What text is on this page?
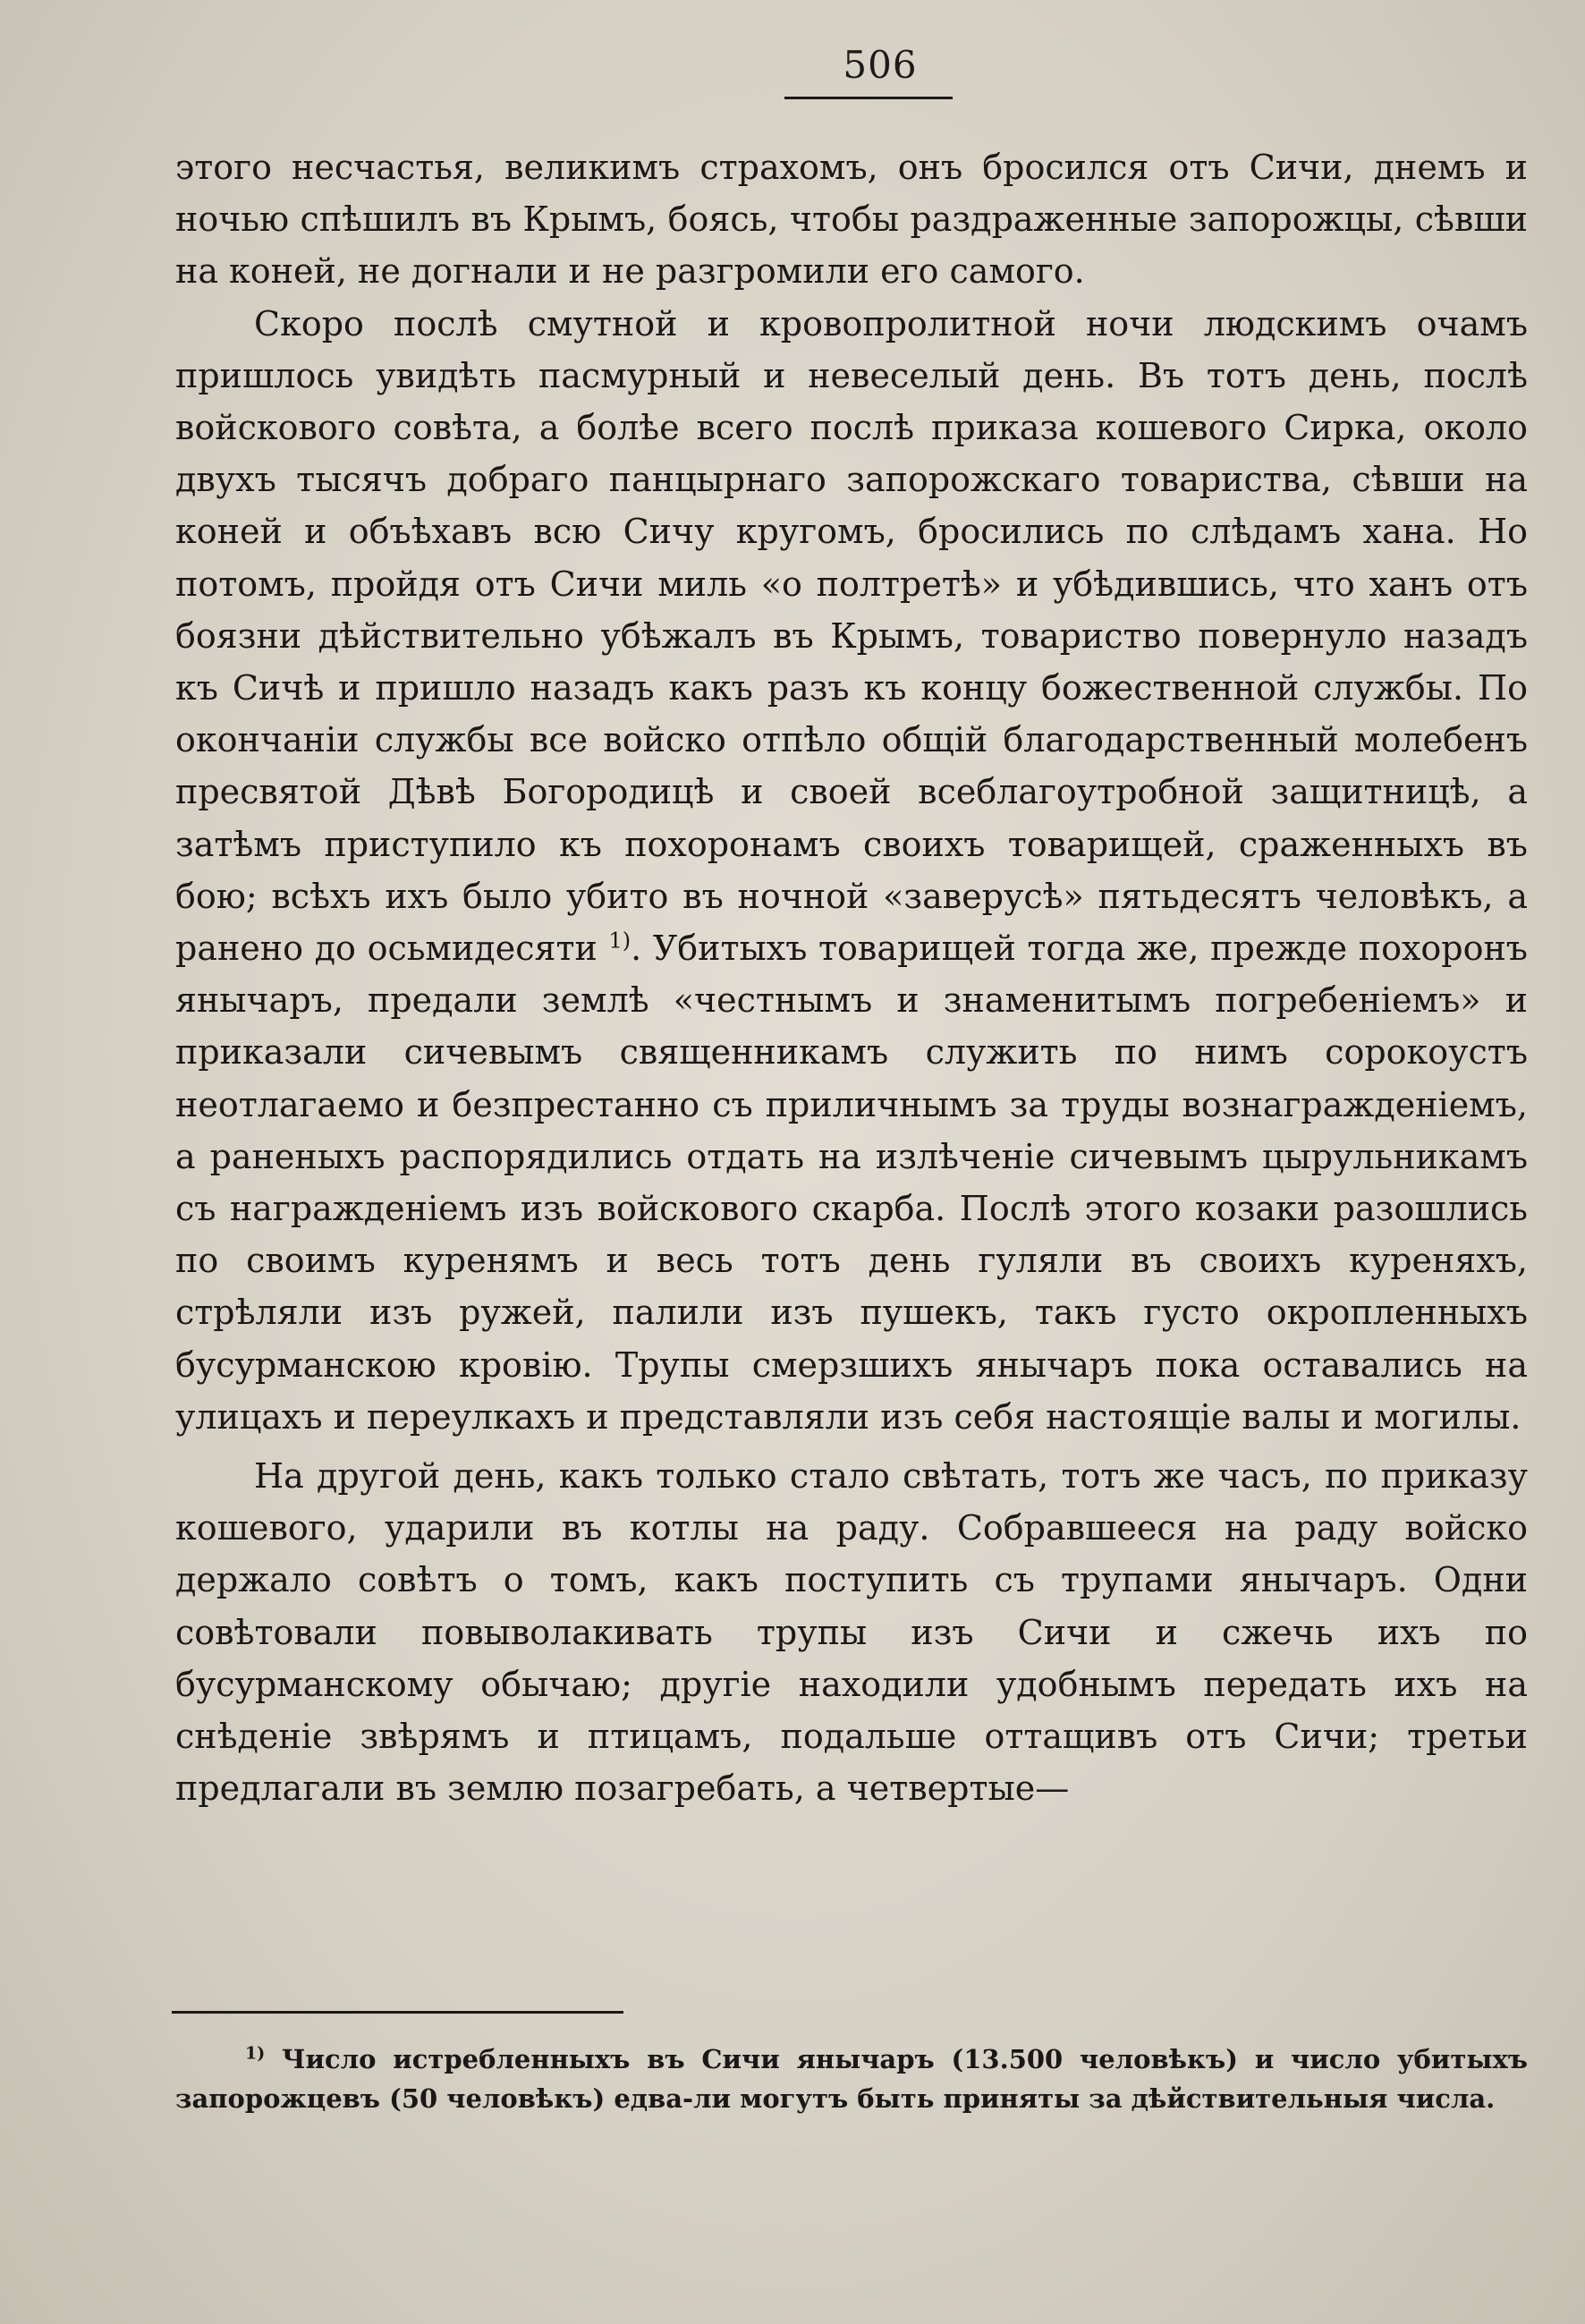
506

этого несчастья, великимъ страхомъ, онъ бросился отъ Сичи, днемъ и ночью спѣшилъ въ Крымъ, боясь, чтобы раздраженные запорожцы, сѣвши на коней, не догнали и не разгромили его самого.

Скоро послѣ смутной и кровопролитной ночи людскимъ очамъ пришлось увидѣть пасмурный и невеселый день. Въ тотъ день, послѣ войскового совѣта, а болѣе всего послѣ приказа кошевого Сирка, около двухъ тысячъ добраго панцырнаго запорожскаго товариства, сѣвши на коней и объѣхавъ всю Сичу кругомъ, бросились по слѣдамъ хана. Но потомъ, пройдя отъ Сичи миль «о полтретѣ» и убѣдившись, что ханъ отъ боязни дѣйствительно убѣжалъ въ Крымъ, товариство повернуло назадъ къ Сичѣ и пришло назадъ какъ разъ къ концу божественной службы. По окончаніи службы все войско отпѣло общій благодарственный молебенъ пресвятой Дѣвѣ Богородицѣ и своей всеблагоутробной защитницѣ, а затѣмъ приступило къ похоронамъ своихъ товарищей, сраженныхъ въ бою; всѣхъ ихъ было убито въ ночной «заверусѣ» пятьдесятъ человѣкъ, а ранено до осьмидесяти $^{1)}$. Убитыхъ товарищей тогда же, прежде похоронъ янычаръ, предали землѣ «честнымъ и знаменитымъ погребеніемъ» и приказали сичевымъ священникамъ служить по нимъ сорокоустъ неотлагаемо и безпрестанно съ приличнымъ за труды вознагражденіемъ, а раненыхъ распорядились отдать на излѣченіе сичевымъ цырульникамъ съ награжденіемъ изъ войскового скарба. Послѣ этого козаки разошлись по своимъ куренямъ и весь тотъ день гуляли въ своихъ куреняхъ, стрѣляли изъ ружей, палили изъ пушекъ, такъ густо окропленныхъ бусурманскою кровію. Трупы смерзшихъ янычаръ пока оставались на улицахъ и переулкахъ и представляли изъ себя настоящіе валы и могилы.

На другой день, какъ только стало свѣтать, тотъ же часъ, по приказу кошевого, ударили въ котлы на раду. Собравшееся на раду войско держало совѣтъ о томъ, какъ поступить съ трупами янычаръ. Одни совѣтовали повыволакивать трупы изъ Сичи и сжечь ихъ по бусурманскому обычаю; другіе находили удобнымъ передать ихъ на снѣденіе звѣрямъ и птицамъ, подальше оттащивъ отъ Сичи; третьи предлагали въ землю позагребать, а четвертые—

$^{1)}$ Число истребленныхъ въ Сичи янычаръ (13.500 человѣкъ) и число убитыхъ запорожцевъ (50 человѣкъ) едва-ли могутъ быть приняты за дѣйствительныя числа.
